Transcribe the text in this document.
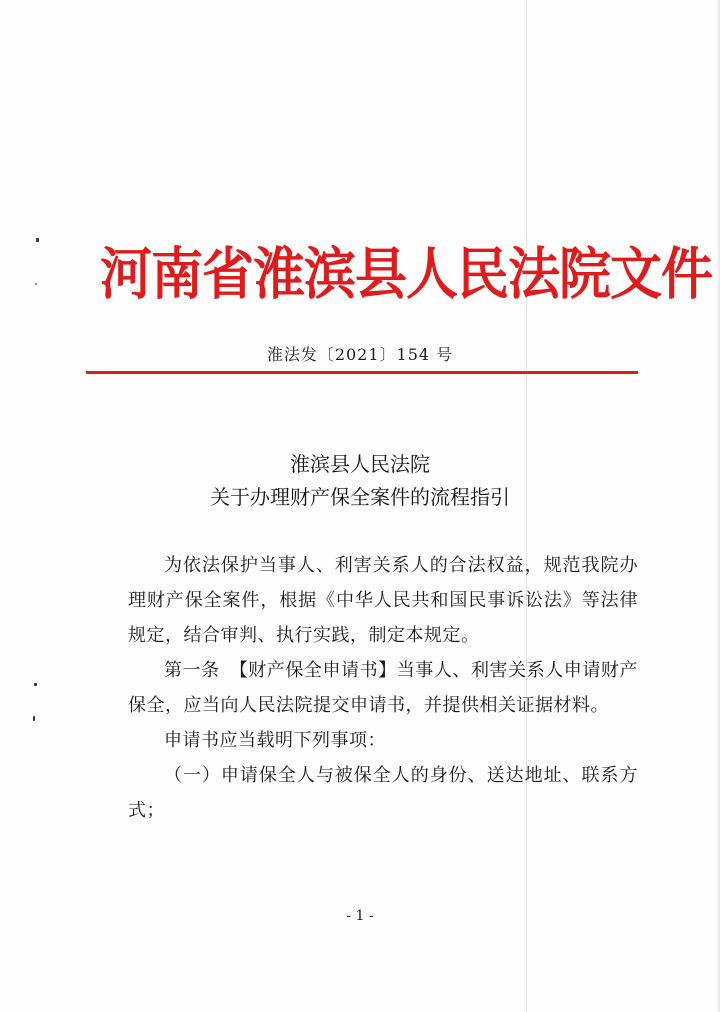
河南省淮滨县人民法院文件
淮法发〔2021〕154 号
淮滨县人民法院
关于办理财产保全案件的流程指引

为依法保护当事人、利害关系人的合法权益，规范我院办理财产保全案件，根据《中华人民共和国民事诉讼法》等法律规定，结合审判、执行实践，制定本规定。

第一条 【财产保全申请书】当事人、利害关系人申请财产保全，应当向人民法院提交申请书，并提供相关证据材料。

申请书应当载明下列事项：

（一）申请保全人与被保全人的身份、送达地址、联系方式；

- 1 -
